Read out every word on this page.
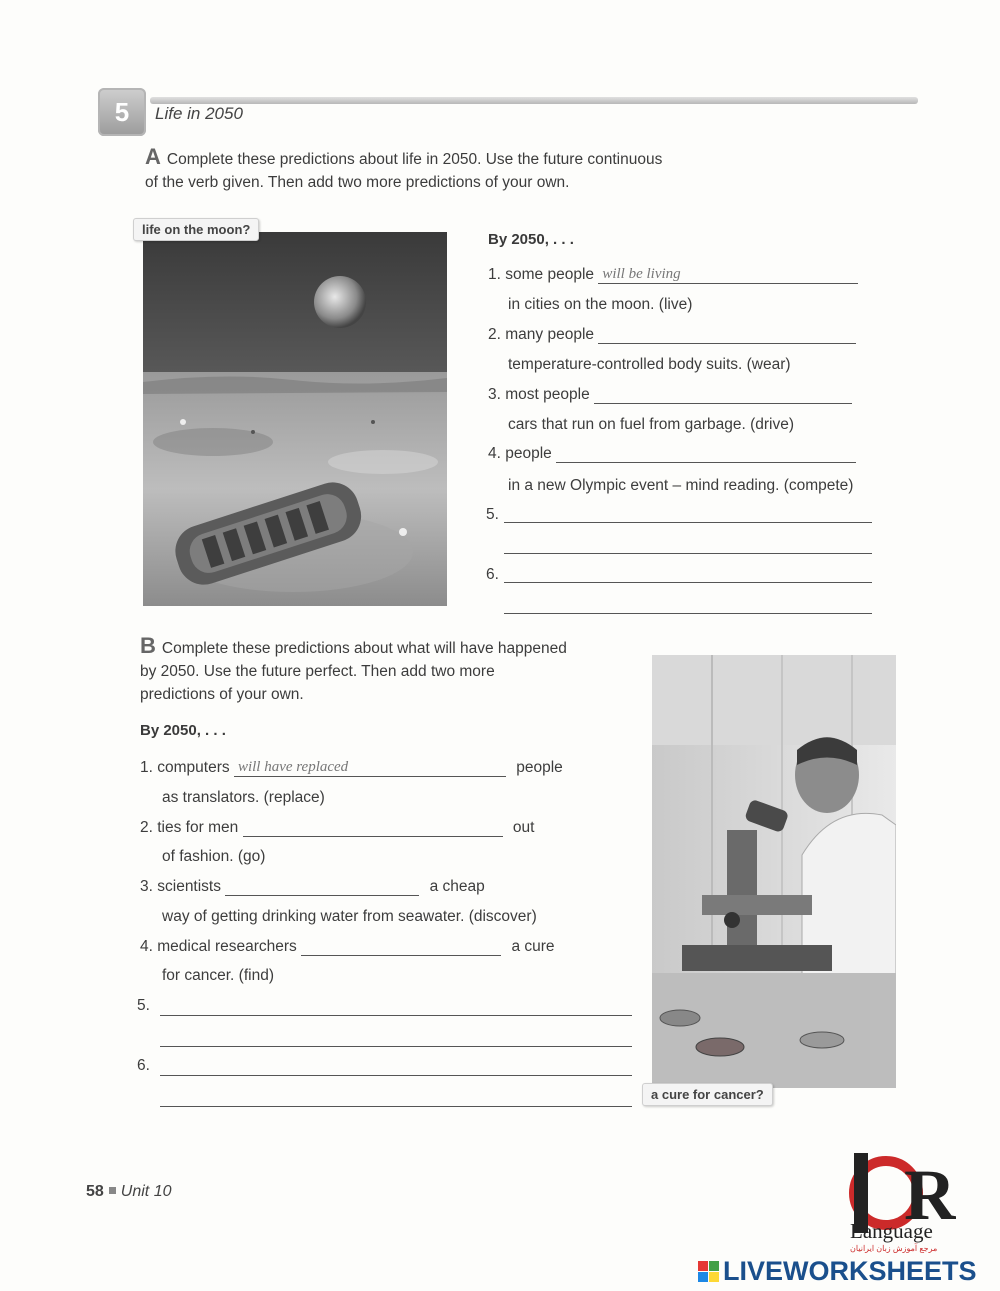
5	Life in 2050
A Complete these predictions about life in 2050. Use the future continuous
of the verb given. Then add two more predictions of your own.
life on the moon?
By 2050, . . .
1. some people will be living
in cities on the moon. (live)
2. many people
temperature-controlled body suits. (wear)
3. most people
cars that run on fuel from garbage. (drive)
4. people
in a new Olympic event – mind reading. (compete)
5.
6.
B Complete these predictions about what will have happened
by 2050. Use the future perfect. Then add two more
predictions of your own.
By 2050, . . .
1. computers will have replaced	people
as translators. (replace)
2. ties for men	out
of fashion. (go)
3. scientists	a cheap
way of getting drinking water from seawater. (discover)
4. medical researchers	a cure
for cancer. (find)
5.
6.
a cure for cancer?
58 Unit 10	R
Language
مرجع آموزش زبان ایرانیان
LIVEWORKSHEETS
